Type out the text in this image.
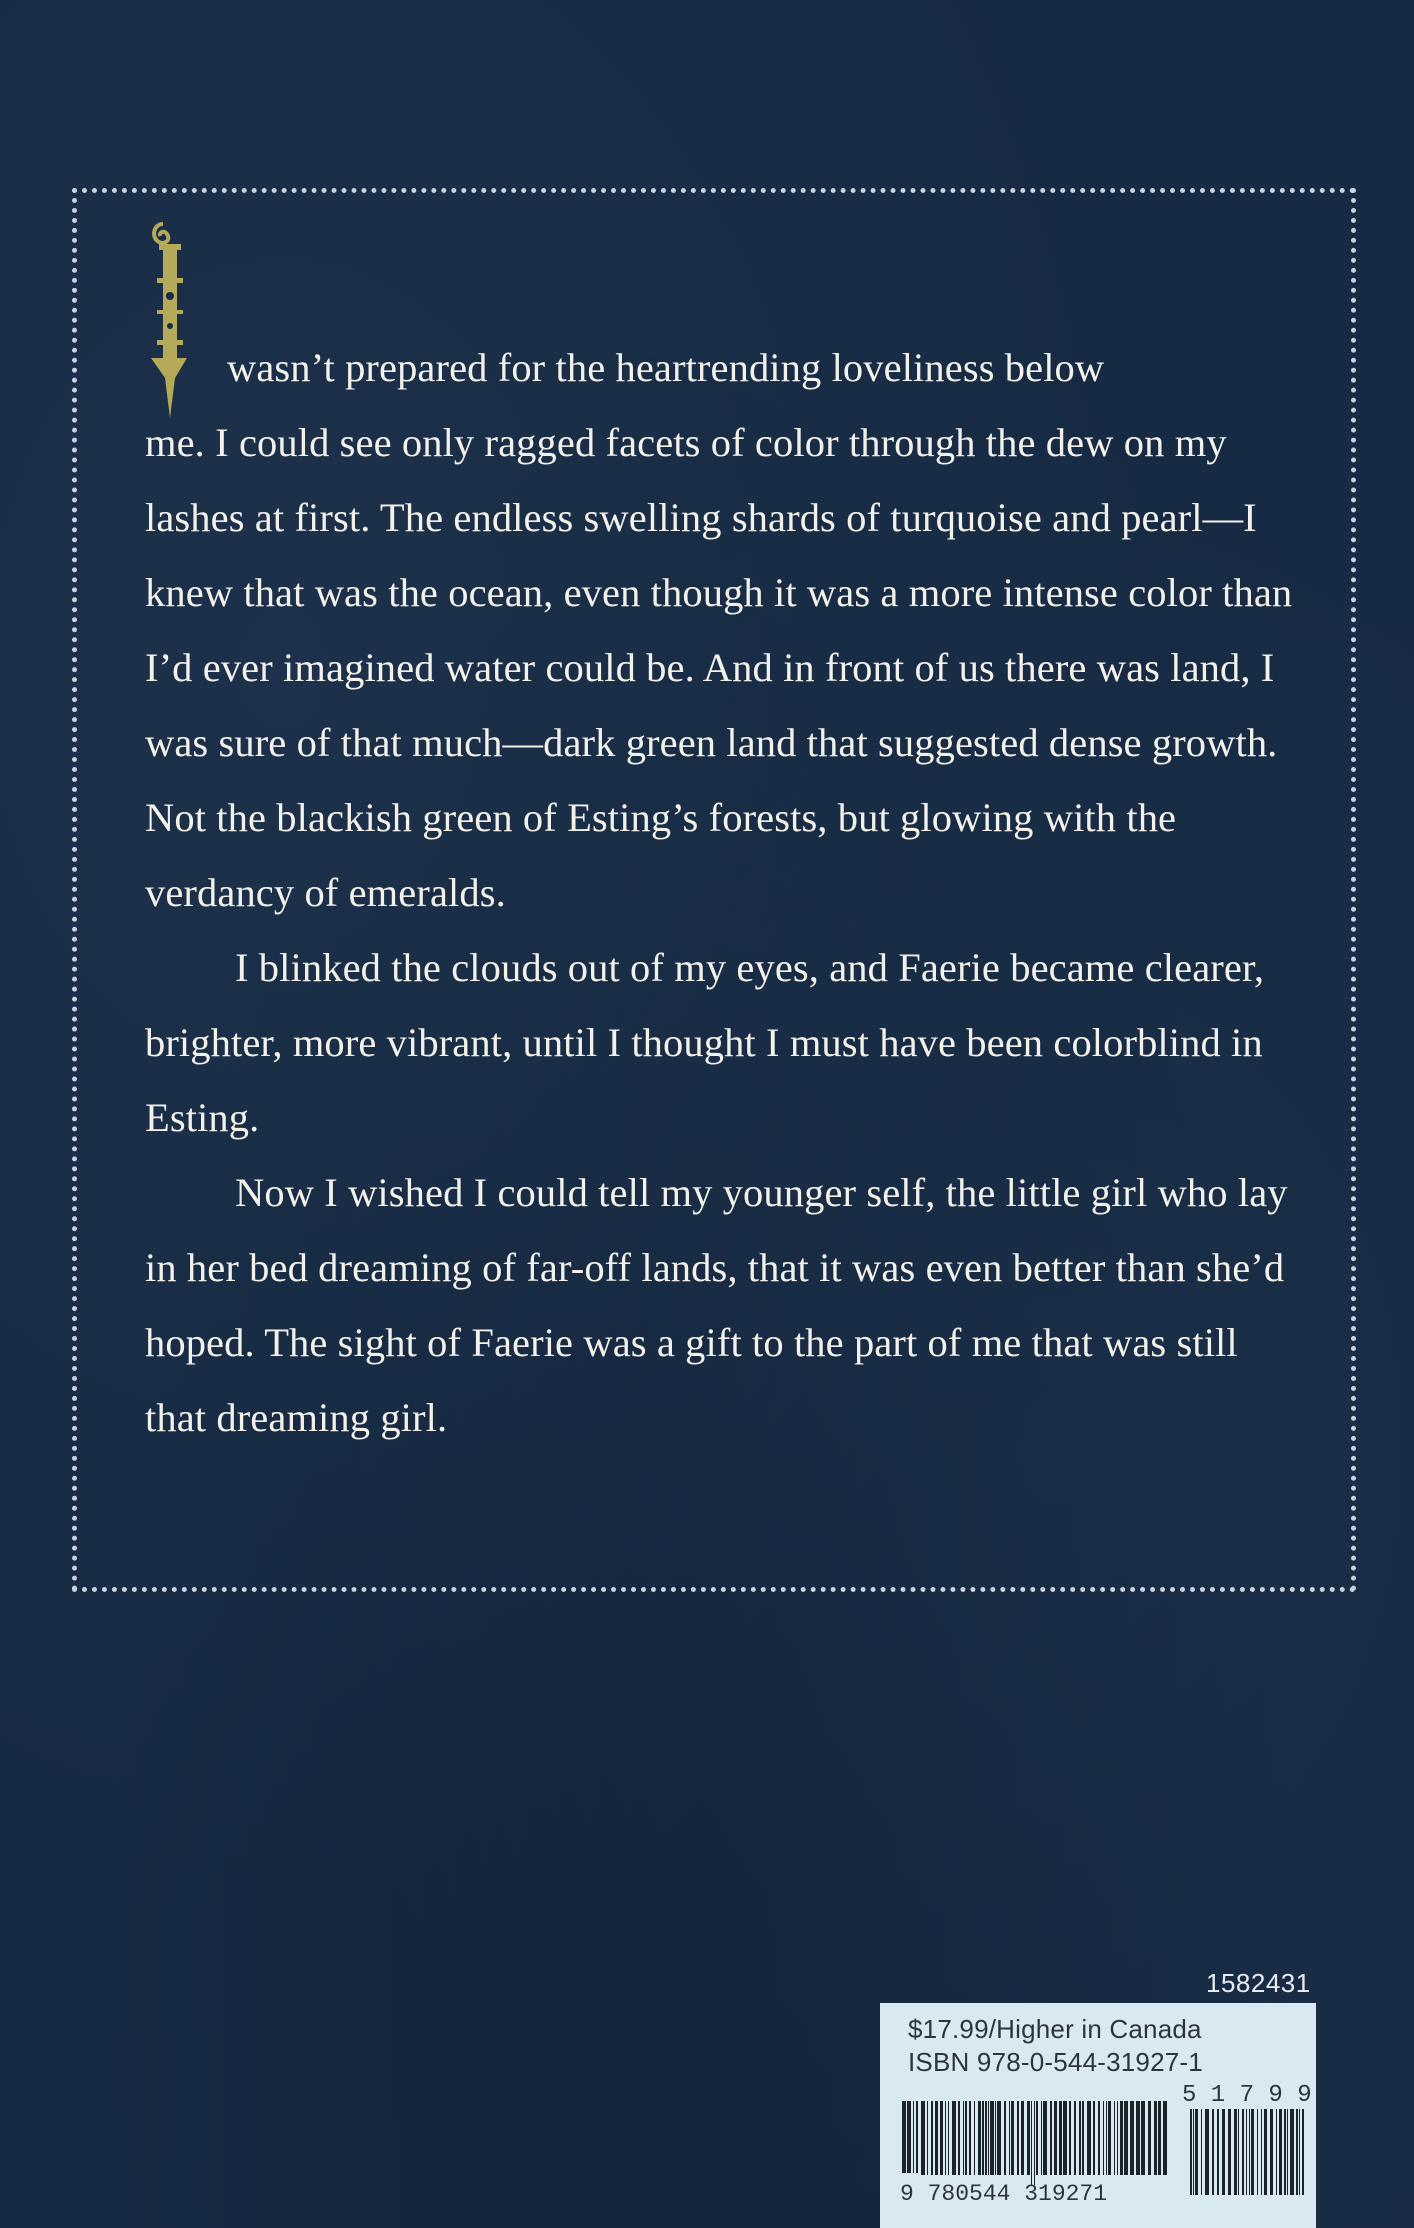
wasn’t prepared for the heartrending loveliness below
me. I could see only ragged facets of color through the dew on my lashes at first. The endless swelling shards of turquoise and pearl—I knew that was the ocean, even though it was a more intense color than I’d ever imagined water could be. And in front of us there was land, I was sure of that much—dark green land that suggested dense growth. Not the blackish green of Esting’s forests, but glowing with the verdancy of emeralds.

I blinked the clouds out of my eyes, and Faerie became clearer, brighter, more vibrant, until I thought I must have been colorblind in Esting.

Now I wished I could tell my younger self, the little girl who lay in her bed dreaming of far-off lands, that it was even better than she’d hoped. The sight of Faerie was a gift to the part of me that was still that dreaming girl.

1582431
$17.99/Higher in Canada
ISBN 978-0-544-31927-1
5 1 7 9 9
9 780544 319271
